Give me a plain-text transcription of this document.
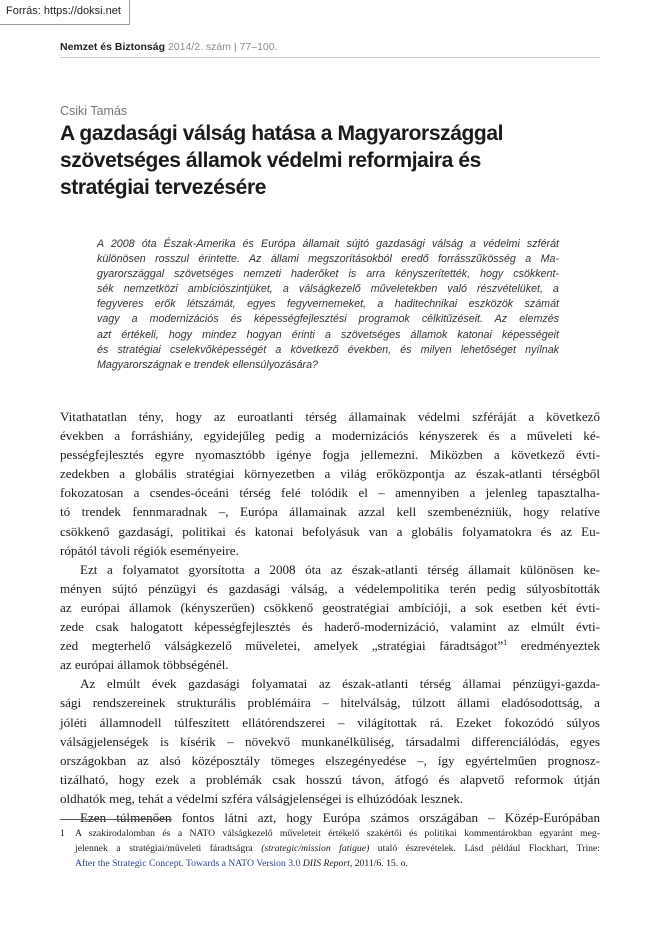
Forrás: https://doksi.net
Nemzet és Biztonság 2014/2. szám | 77–100.
Csiki Tamás
A gazdasági válság hatása a Magyarországgal
szövetséges államok védelmi reformjaira és
stratégiai tervezésére
A 2008 óta Észak-Amerika és Európa államait sújtó gazdasági válság a védelmi szférát
különösen rosszul érintette. Az állami megszorításokból eredő forrásszűkösség a Ma-
gyarországgal szövetséges nemzeti haderőket is arra kényszerítették, hogy csökkent-
sék nemzetközi ambíciószintjüket, a válságkezelő műveletekben való részvételüket, a
fegyveres erők létszámát, egyes fegyvernemeket, a haditechnikai eszközök számát
vagy a modernizációs és képességfejlesztési programok célkitűzéseit. Az elemzés
azt értékeli, hogy mindez hogyan érinti a szövetséges államok katonai képességeit
és stratégiai cselekvőképességét a következő években, és milyen lehetőséget nyílnak
Magyarországnak e trendek ellensúlyozására?
Vitathatatlan tény, hogy az euroatlanti térség államainak védelmi szféráját a következő
években a forráshiány, egyidejűleg pedig a modernizációs kényszerek és a műveleti ké-
pességfejlesztés egyre nyomasztóbb igénye fogja jellemezni. Miközben a következő évti-
zedekben a globális stratégiai környezetben a világ erőközpontja az észak-atlanti térségből
fokozatosan a csendes-óceáni térség felé tolódik el – amennyiben a jelenleg tapasztalha-
tó trendek fennmaradnak –, Európa államainak azzal kell szembenézniük, hogy relatíve
csökkenő gazdasági, politikai és katonai befolyásuk van a globális folyamatokra és az Eu-
rópától távoli régiók eseményeire.
Ezt a folyamatot gyorsította a 2008 óta az észak-atlanti térség államait különösen ke-
ményen sújtó pénzügyi és gazdasági válság, a védelempolitika terén pedig súlyosbították
az európai államok (kényszerűen) csökkenő geostratégiai ambícióji, a sok esetben két évti-
zede csak halogatott képességfejlesztés és haderő-modernizáció, valamint az elmúlt évti-
zed megterhelő válságkezelő műveletei, amelyek „stratégiai fáradtságot”$^1$ eredményeztek
az európai államok többségénél.
Az elmúlt évek gazdasági folyamatai az észak-atlanti térség államai pénzügyi-gazda-
sági rendszereinek strukturális problémáira – hitelválság, túlzott állami eladósodottság, a
jóléti államnodell túlfeszített ellátórendszerei – világítottak rá. Ezeket fokozódó súlyos
válságjelenségek is kísérik – növekvő munkanélküliség, társadalmi differenciálódás, egyes
országokban az alsó középosztály tömeges elszegényedése –, így egyértelműen prognosz-
tizálható, hogy ezek a problémák csak hosszú távon, átfogó és alapvető reformok útján
oldhatók meg, tehát a védelmi szféra válságjelenségei is elhúzódóak lesznek.
Ezen túlmenően fontos látni azt, hogy Európa számos országában – Közép-Európában
1 A szakirodalomban és a NATO válságkezelő műveleteit értékelő szakértői és politikai kommentárokban egyaránt meg-
jelennek a stratégiai/műveleti fáradtságra (strategic/mission fatigue) utaló észrevételek. Lásd például Flockhart, Trine:
After the Strategic Concept. Towards a NATO Version 3.0 DIIS Report, 2011/6. 15. o.
